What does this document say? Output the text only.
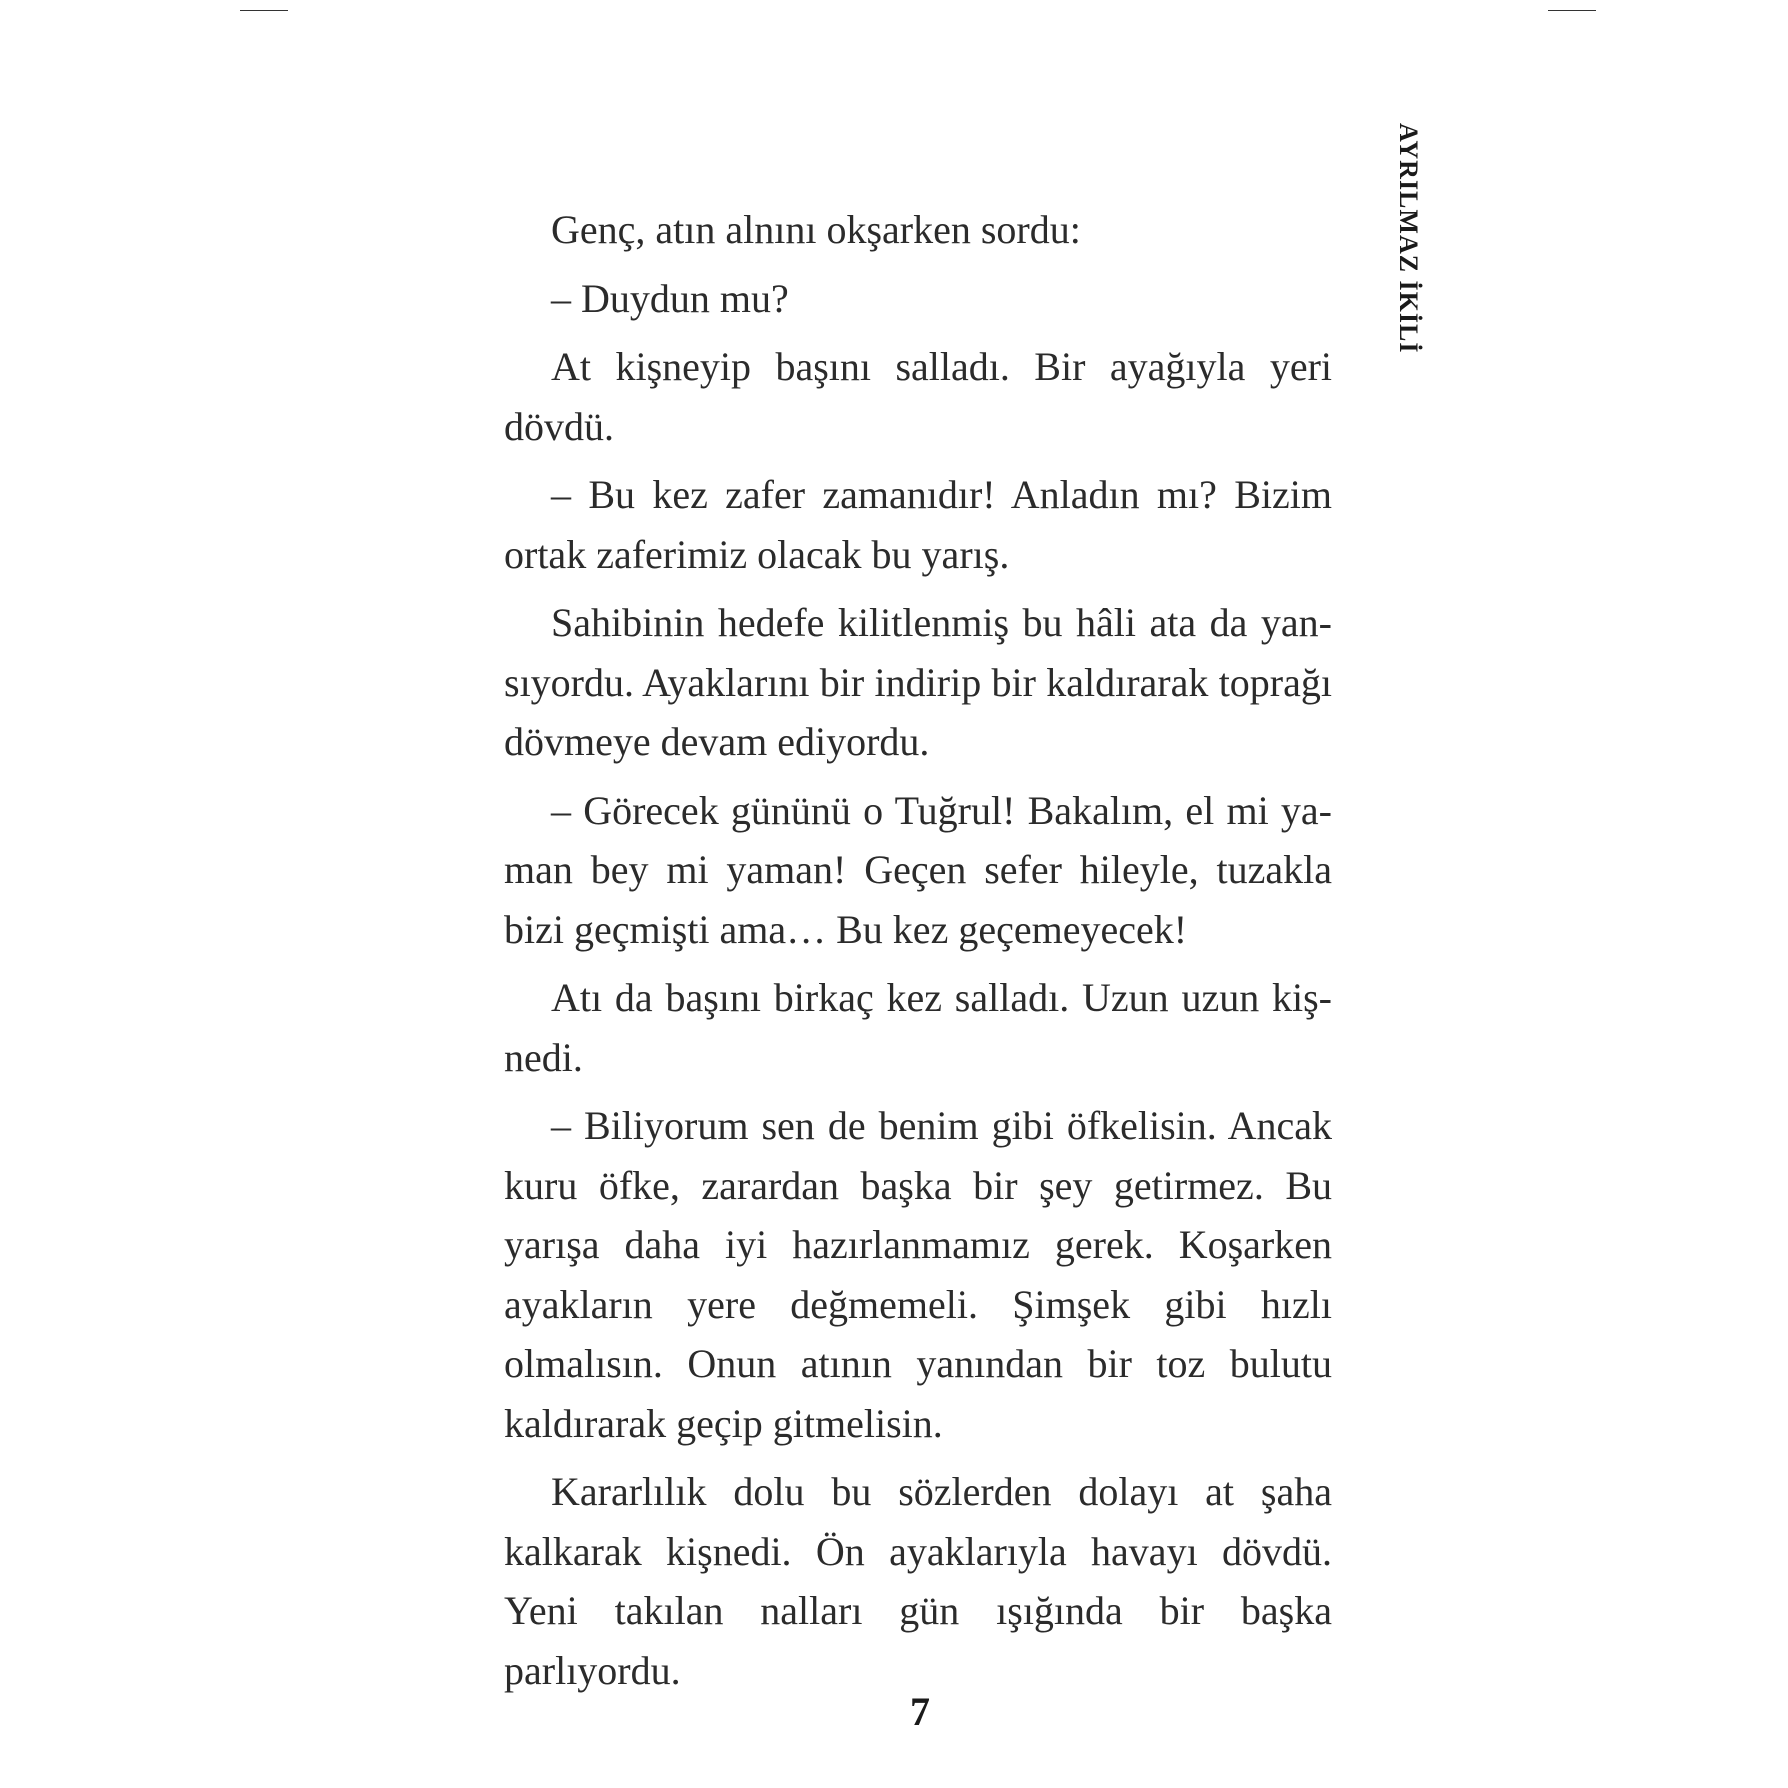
AYRILMAZ İKİLİ

Genç, atın alnını okşarken sordu:

– Duydun mu?

At kişneyip başını salladı. Bir ayağıyla yeri dövdü.

– Bu kez zafer zamanıdır! Anladın mı? Bizim ortak zaferimiz olacak bu yarış.

Sahibinin hedefe kilitlenmiş bu hâli ata da yansıyordu. Ayaklarını bir indirip bir kaldırarak toprağı dövmeye devam ediyordu.

– Görecek gününü o Tuğrul! Bakalım, el mi yaman bey mi yaman! Geçen sefer hileyle, tuzakla bizi geçmişti ama… Bu kez geçemeyecek!

Atı da başını birkaç kez salladı. Uzun uzun kişnedi.

– Biliyorum sen de benim gibi öfkelisin. Ancak kuru öfke, zarardan başka bir şey getirmez. Bu yarışa daha iyi hazırlanmamız gerek. Koşarken ayakların yere değmemeli. Şimşek gibi hızlı olmalısın. Onun atının yanından bir toz bulutu kaldırarak geçip gitmelisin.

Kararlılık dolu bu sözlerden dolayı at şaha kalkarak kişnedi. Ön ayaklarıyla havayı dövdü. Yeni takılan nalları gün ışığında bir başka parlıyordu.

7
